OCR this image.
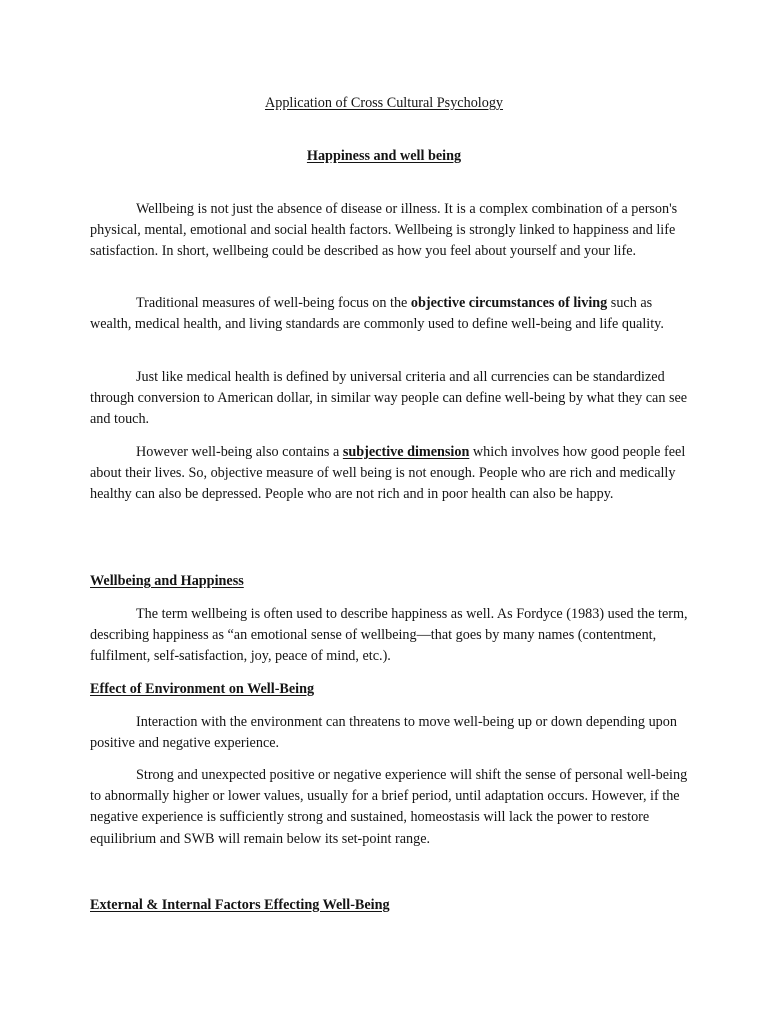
Application of Cross Cultural Psychology
Happiness and well being

Wellbeing is not just the absence of disease or illness. It is a complex combination of a person's physical, mental, emotional and social health factors. Wellbeing is strongly linked to happiness and life satisfaction. In short, wellbeing could be described as how you feel about yourself and your life.

Traditional measures of well-being focus on the objective circumstances of living such as wealth, medical health, and living standards are commonly used to define well-being and life quality.

Just like medical health is defined by universal criteria and all currencies can be standardized through conversion to American dollar, in similar way people can define well-being by what they can see and touch.

However well-being also contains a subjective dimension which involves how good people feel about their lives. So, objective measure of well being is not enough. People who are rich and medically healthy can also be depressed. People who are not rich and in poor health can also be happy.

Wellbeing and Happiness

The term wellbeing is often used to describe happiness as well. As Fordyce (1983) used the term, describing happiness as “an emotional sense of wellbeing—that goes by many names (contentment, fulfilment, self-satisfaction, joy, peace of mind, etc.).

Effect of Environment on Well-Being

Interaction with the environment can threatens to move well-being up or down depending upon positive and negative experience.

Strong and unexpected positive or negative experience will shift the sense of personal well-being to abnormally higher or lower values, usually for a brief period, until adaptation occurs. However, if the negative experience is sufficiently strong and sustained, homeostasis will lack the power to restore equilibrium and SWB will remain below its set-point range.

External & Internal Factors Effecting Well-Being
